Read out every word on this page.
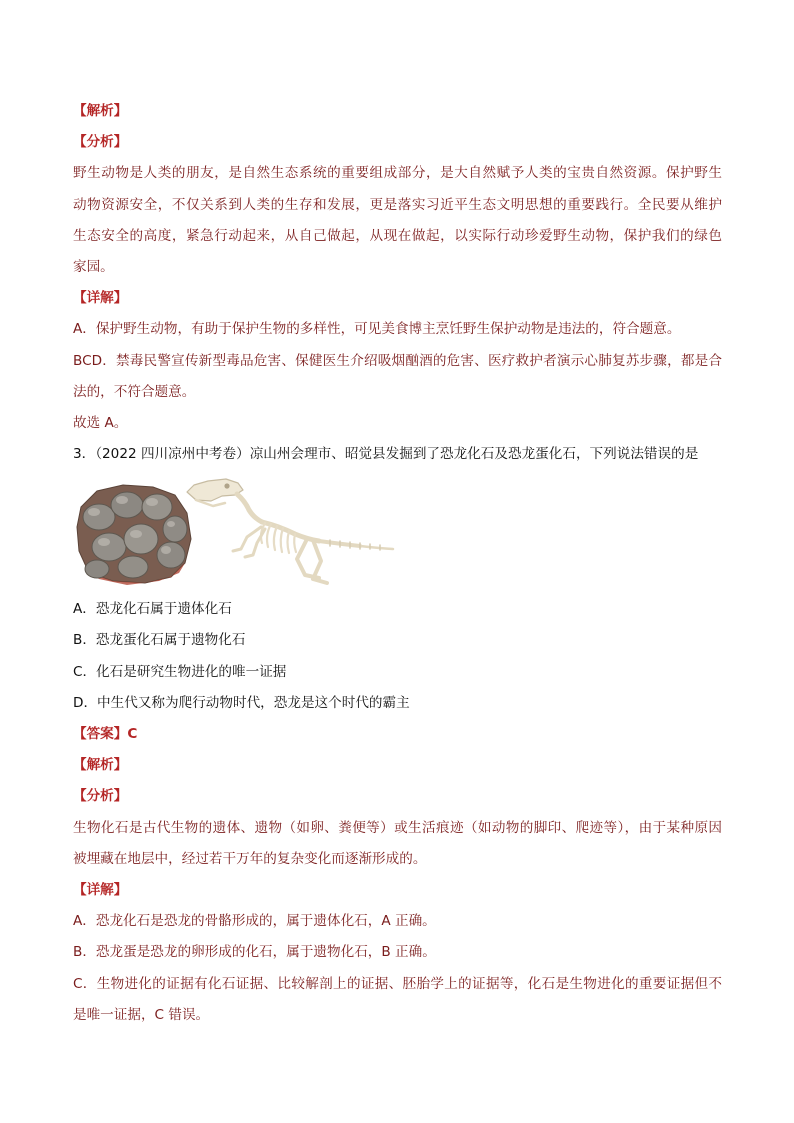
【解析】
【分析】
野生动物是人类的朋友，是自然生态系统的重要组成部分，是大自然赋予人类的宝贵自然资源。保护野生
动物资源安全，不仅关系到人类的生存和发展，更是落实习近平生态文明思想的重要践行。全民要从维护
生态安全的高度，紧急行动起来，从自己做起，从现在做起，以实际行动珍爱野生动物，保护我们的绿色
家园。
【详解】
A．保护野生动物，有助于保护生物的多样性，可见美食博主烹饪野生保护动物是违法的，符合题意。
BCD．禁毒民警宣传新型毒品危害、保健医生介绍吸烟酗酒的危害、医疗救护者演示心肺复苏步骤，都是合
法的，不符合题意。
故选 A。
3．（2022 四川凉州中考卷）凉山州会理市、昭觉县发掘到了恐龙化石及恐龙蛋化石，下列说法错误的是
A．恐龙化石属于遗体化石
B．恐龙蛋化石属于遗物化石
C．化石是研究生物进化的唯一证据
D．中生代又称为爬行动物时代，恐龙是这个时代的霸主
【答案】C
【解析】
【分析】
生物化石是古代生物的遗体、遗物（如卵、粪便等）或生活痕迹（如动物的脚印、爬迹等），由于某种原因
被埋藏在地层中，经过若干万年的复杂变化而逐渐形成的。
【详解】
A．恐龙化石是恐龙的骨骼形成的，属于遗体化石，A 正确。
B．恐龙蛋是恐龙的卵形成的化石，属于遗物化石，B 正确。
C．生物进化的证据有化石证据、比较解剖上的证据、胚胎学上的证据等，化石是生物进化的重要证据但不
是唯一证据，C 错误。
